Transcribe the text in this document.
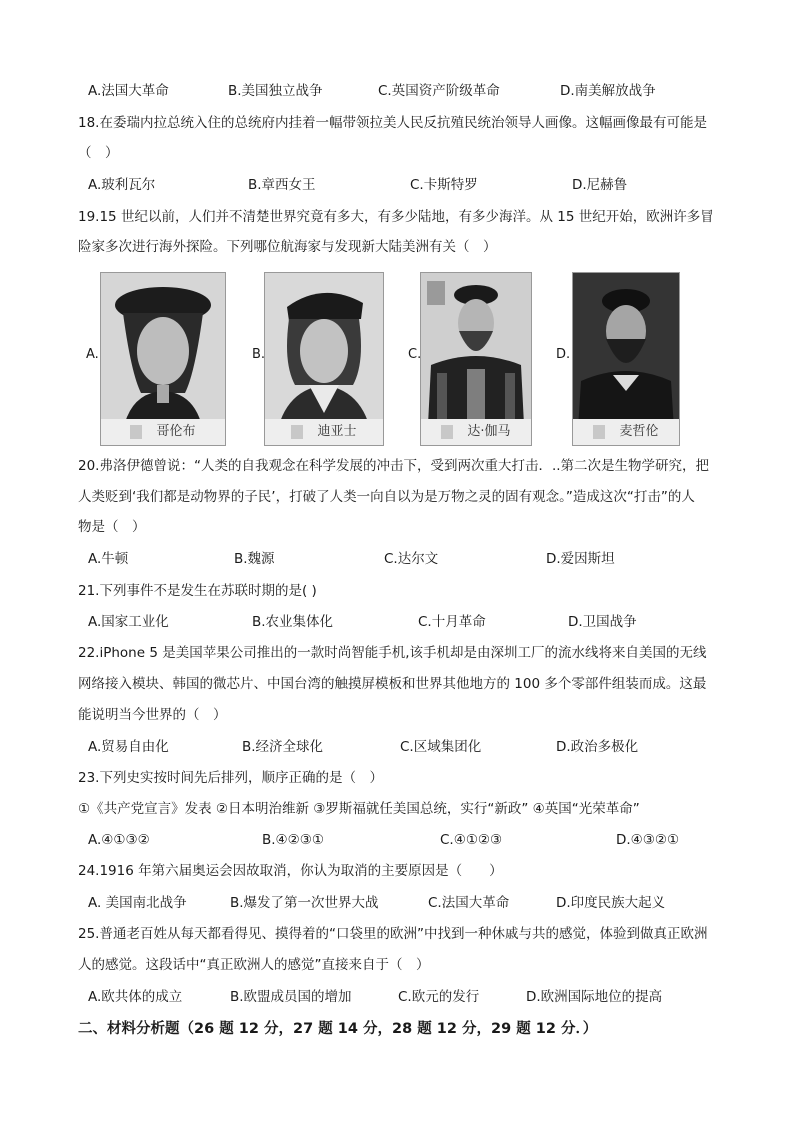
A.法国大革命	B.美国独立战争	C.英国资产阶级革命	D.南美解放战争
18.在委瑞内拉总统入住的总统府内挂着一幅带领拉美人民反抗殖民统治领导人画像。这幅画像最有可能是
（　）
A.玻利瓦尔	B.章西女王	C.卡斯特罗	D.尼赫鲁
19.15 世纪以前，人们并不清楚世界究竟有多大，有多少陆地，有多少海洋。从 15 世纪开始，欧洲许多冒
险家多次进行海外探险。下列哪位航海家与发现新大陆美洲有关（　）
A.
哥伦布
B.
迪亚士
C.
达·伽马
D.
麦哲伦
20.弗洛伊德曾说：“人类的自我观念在科学发展的冲击下，受到两次重大打击．..第二次是生物学研究，把
人类贬到‘我们都是动物界的子民’，打破了人类一向自以为是万物之灵的固有观念。”造成这次“打击”的人
物是（　）
A.牛顿	B.魏源	C.达尔文	D.爱因斯坦
21.下列事件不是发生在苏联时期的是( )
A.国家工业化	B.农业集体化	C.十月革命	D.卫国战争
22.iPhone 5 是美国苹果公司推出的一款时尚智能手机,该手机却是由深圳工厂的流水线将来自美国的无线
网络接入模块、韩国的微芯片、中国台湾的触摸屏模板和世界其他地方的 100 多个零部件组装而成。这最
能说明当今世界的（　）
A.贸易自由化	B.经济全球化	C.区域集团化	D.政治多极化
23.下列史实按时间先后排列，顺序正确的是（　）
①《共产党宣言》发表 ②日本明治维新 ③罗斯福就任美国总统，实行“新政” ④英国“光荣革命”
A.④①③②	B.④②③①	C.④①②③	D.④③②①
24.1916 年第六届奥运会因故取消，你认为取消的主要原因是（　　）
A. 美国南北战争	B.爆发了第一次世界大战	C.法国大革命	D.印度民族大起义
25.普通老百姓从每天都看得见、摸得着的“口袋里的欧洲”中找到一种休戚与共的感觉，体验到做真正欧洲
人的感觉。这段话中“真正欧洲人的感觉”直接来自于（　）
A.欧共体的成立	B.欧盟成员国的增加	C.欧元的发行	D.欧洲国际地位的提高
二、材料分析题（26 题 12 分，27 题 14 分，28 题 12 分，29 题 12 分．）
